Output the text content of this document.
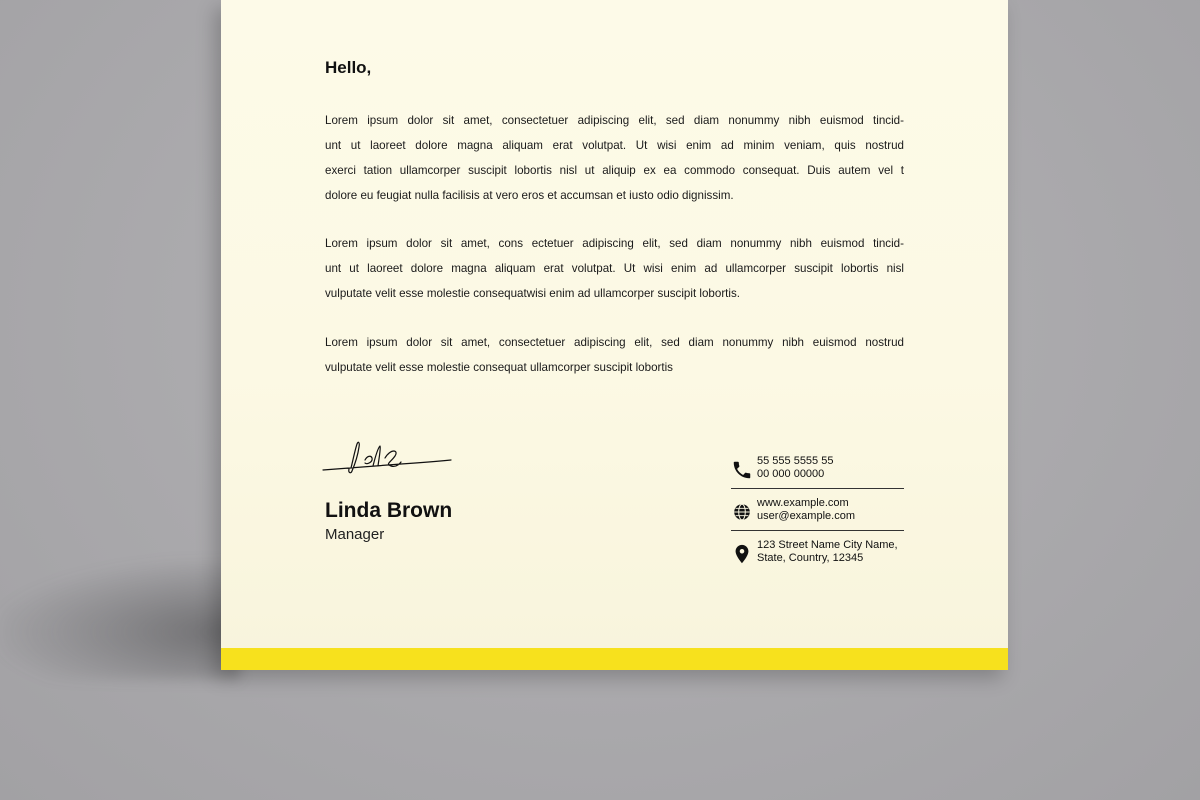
Hello,

Lorem ipsum dolor sit amet, consectetuer adipiscing elit, sed diam nonummy nibh euismod tincid-
unt ut laoreet dolore magna aliquam erat volutpat. Ut wisi enim ad minim veniam, quis nostrud
exerci tation ullamcorper suscipit lobortis nisl ut aliquip ex ea commodo consequat. Duis autem vel t
dolore eu feugiat nulla facilisis at vero eros et accumsan et iusto odio dignissim.

Lorem ipsum dolor sit amet, cons ectetuer adipiscing elit, sed diam nonummy nibh euismod tincid-
unt ut laoreet dolore magna aliquam erat volutpat. Ut wisi enim ad ullamcorper suscipit lobortis nisl
vulputate velit esse molestie consequatwisi enim ad ullamcorper suscipit lobortis.

Lorem ipsum dolor sit amet, consectetuer adipiscing elit, sed diam nonummy nibh euismod nostrud
vulputate velit esse molestie consequat ullamcorper suscipit lobortis

Linda Brown

Manager

55 555 5555 55
00 000 00000
www.example.com
user@example.com
123 Street Name City Name,
State, Country, 12345
